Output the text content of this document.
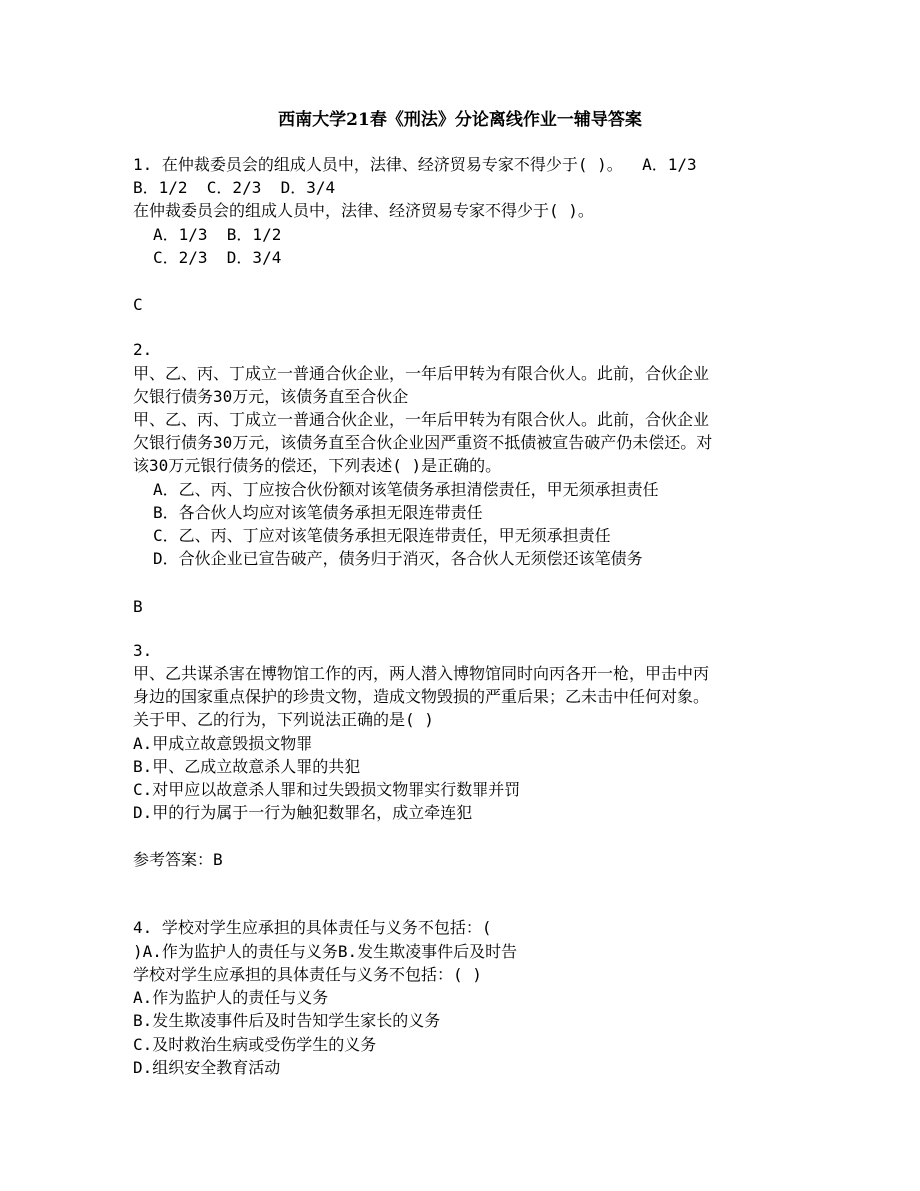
西南大学21春《刑法》分论离线作业一辅导答案

1. 在仲裁委员会的组成人员中，法律、经济贸易专家不得少于( )。  A．1/3

B．1/2  C．2/3  D．3/4

在仲裁委员会的组成人员中，法律、经济贸易专家不得少于( )。

A．1/3  B．1/2

C．2/3  D．3/4

C

2.

甲、乙、丙、丁成立一普通合伙企业，一年后甲转为有限合伙人。此前，合伙企业

欠银行债务30万元，该债务直至合伙企

甲、乙、丙、丁成立一普通合伙企业，一年后甲转为有限合伙人。此前，合伙企业

欠银行债务30万元，该债务直至合伙企业因严重资不抵债被宣告破产仍未偿还。对

该30万元银行债务的偿还，下列表述( )是正确的。

A．乙、丙、丁应按合伙份额对该笔债务承担清偿责任，甲无须承担责任

B．各合伙人均应对该笔债务承担无限连带责任

C．乙、丙、丁应对该笔债务承担无限连带责任，甲无须承担责任

D．合伙企业已宣告破产，债务归于消灭，各合伙人无须偿还该笔债务

B

3.

甲、乙共谋杀害在博物馆工作的丙，两人潜入博物馆同时向丙各开一枪，甲击中丙

身边的国家重点保护的珍贵文物，造成文物毁损的严重后果；乙未击中任何对象。

关于甲、乙的行为，下列说法正确的是( )

A.甲成立故意毁损文物罪

B.甲、乙成立故意杀人罪的共犯

C.对甲应以故意杀人罪和过失毁损文物罪实行数罪并罚

D.甲的行为属于一行为触犯数罪名，成立牵连犯

参考答案：B

4. 学校对学生应承担的具体责任与义务不包括：(

)A.作为监护人的责任与义务B.发生欺凌事件后及时告

学校对学生应承担的具体责任与义务不包括：( )

A.作为监护人的责任与义务

B.发生欺凌事件后及时告知学生家长的义务

C.及时救治生病或受伤学生的义务

D.组织安全教育活动
